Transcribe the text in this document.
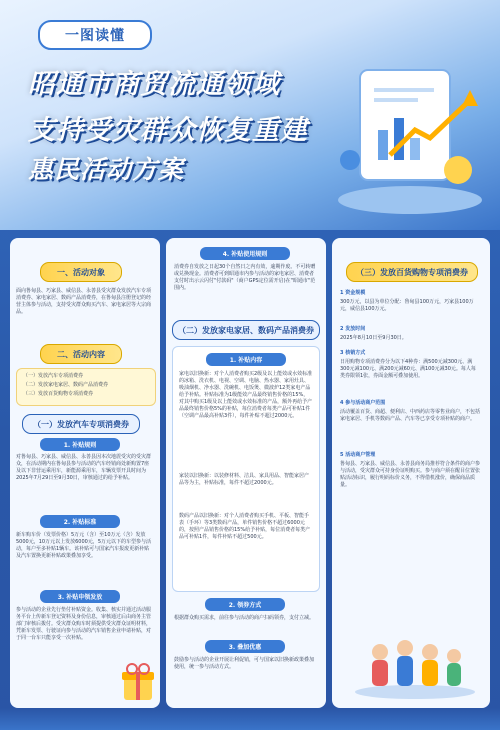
一图读懂
昭通市商贸流通领域
支持受灾群众恢复重建
惠民活动方案
一、活动对象
面向鲁甸县、巧家县、威信县、永善县受灾群众发放汽车专项消费券、家电家居、数码产品消费券，在鲁甸县注册登记的经营主体参与活动，支持受灾群众购买汽车、家电家居等大宗商品。
二、活动内容
（一）发放汽车专项消费券
（二）发放家电家居、数码产品消费券
（三）发放百货购物专项消费券
（一）发放汽车专项消费券
1. 补贴规则
对鲁甸县、巧家县、威信县、永善县因本次地震受灾的受灾群众，在活动期内在鲁甸县参与活动的汽车经销商处新购置7座及以下非营运乘用车，新能源乘用车，车辆发票开具时间为2025年7月29日至9月30日，审核通过的给予补贴。
2. 补贴标准
新车购车价（发票价格）5万元（含）至10万元（含）发放5000元，10万元以上发放6000元，5万元以下的车型参与活动，每户至多补贴1辆车。该补贴可与国家汽车报废更新补贴及汽车置换更新补贴政策叠加享受。
3. 补贴申领发放
参与活动的企业先行垫付补贴资金。收集、核实并通过活动服务平台上传新车登记资料及身份信息，审核通过后由商务主管部门审核后拨付。受灾群众购车时须提供受灾群众证明材料，凭新车发票、行驶证向参与活动的汽车销售企业申请补贴，对于同一台车只能享受一次补贴。
4. 补贴使用规则
消费券自发放之日起30个自然日之内有效，逾期作废。不可转赠或兑换现金。消费者可到昭通市内参与活动的家电家居、消费者支付时出示云闪付"付款码"（商户GPS定位需开启)在"昭通市"范围内。
（二）发放家电家居、数码产品消费券
1. 补贴内容
家电以旧换新：对个人消费者购买2级及以上能效或水效标准的冰箱、洗衣机、电视、空调、电脑、热水器、家用灶具、吸油烟机、净水器、洗碗机、电饭煲、微波炉12类家电产品给予补贴。补贴标准为1级能效产品最终销售价格的15%，对其中购买1级及以上能效或水效标准的产品，额外再给予产品最终销售价格5%的补贴，每位消费者每类产品可补贴1件（空调产品最高补贴3件），每件补贴不超过2000元。
家装以旧换新：以装修材料、洁具、家具用品、智能家居产品等为主，补贴标准，每件不超过2000元。
数码产品以旧换新：对个人消费者购买手机、平板、智能手表（手环）等3类数码产品，单件销售价格不超过6000元的，按照产品销售价格的15%给予补贴，每位消费者每类产品可补贴1件，每件补贴不超过500元。
2. 领券方式
根据群众购买需求，前往参与活动的商户扫码领券，支付立减。
3. 叠加优惠
鼓励参与活动的企业开展让利促销，可与国家以旧换新政策叠加使用，统一参与活动方式。
（三）发放百货购物专项消费券
1 资金规模
300万元，以县为单位分配：鲁甸县100万元，巧家县100万元，威信县100万元。
2 发放时间
2025年8月10日至9月30日。
3 核销方式
日用购物专项消费券分为以下4种券：满500元减300元、满300元减100元、满200元减60元、满100元减30元。每人每类券限领1张，券面金额可叠加使用。
4 参与活动商户范围
活动覆盖百货、商超、便利店、中西药店等零售业商户，不包括家电家居、手机等数码产品、汽车等已享受专项补贴的商户。
5 活动商户管理
鲁甸县、巧家县、威信县、永善县商务局推荐符合条件的商户参与活动，受灾群众可持身份证明购买。参与商户须在醒目位置张贴活动标识，履行明码标价义务，不得借机涨价，确保商品质量。
